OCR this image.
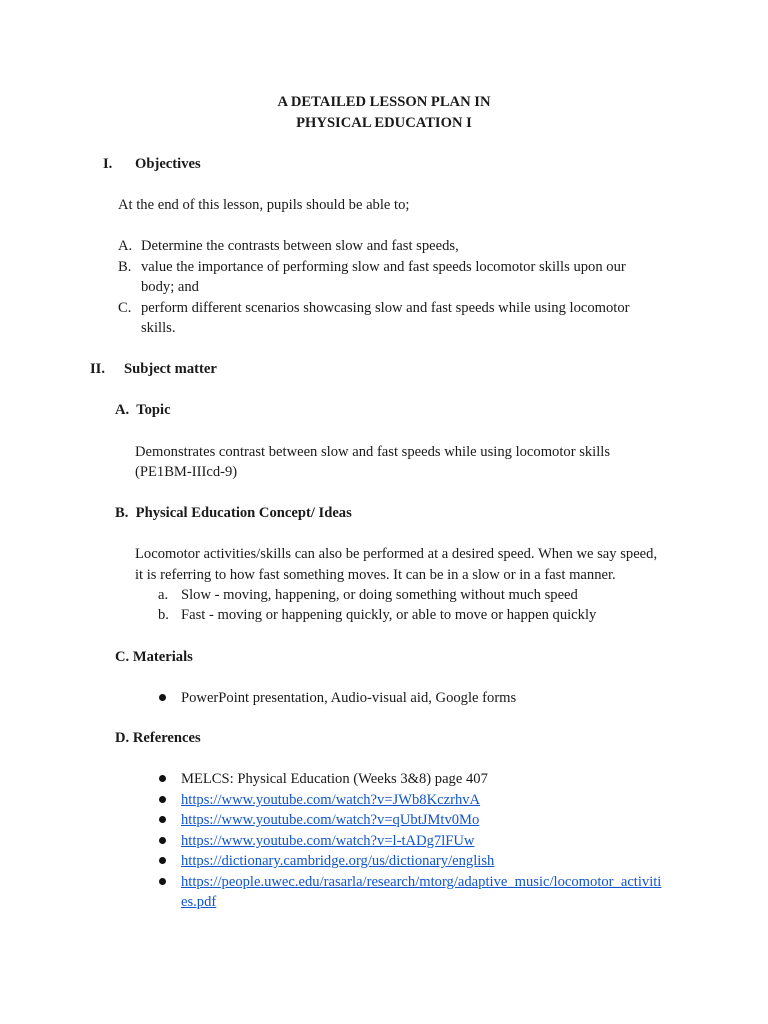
A DETAILED LESSON PLAN IN
PHYSICAL EDUCATION I
I. Objectives
At the end of this lesson, pupils should be able to;
A. Determine the contrasts between slow and fast speeds,
B. value the importance of performing slow and fast speeds locomotor skills upon our
body; and
C. perform different scenarios showcasing slow and fast speeds while using locomotor
skills.
II. Subject matter
A.  Topic
Demonstrates contrast between slow and fast speeds while using locomotor skills
(PE1BM-IIIcd-9)
B.  Physical Education Concept/ Ideas
Locomotor activities/skills can also be performed at a desired speed. When we say speed,
it is referring to how fast something moves. It can be in a slow or in a fast manner.
a. Slow - moving, happening, or doing something without much speed
b. Fast - moving or happening quickly, or able to move or happen quickly
C. Materials
PowerPoint presentation, Audio-visual aid, Google forms
D. References
MELCS: Physical Education (Weeks 3&8) page 407
https://www.youtube.com/watch?v=JWb8KczrhvA
https://www.youtube.com/watch?v=qUbtJMtv0Mo
https://www.youtube.com/watch?v=l-tADg7lFUw
https://dictionary.cambridge.org/us/dictionary/english
https://people.uwec.edu/rasarla/research/mtorg/adaptive_music/locomotor_activiti
es.pdf
